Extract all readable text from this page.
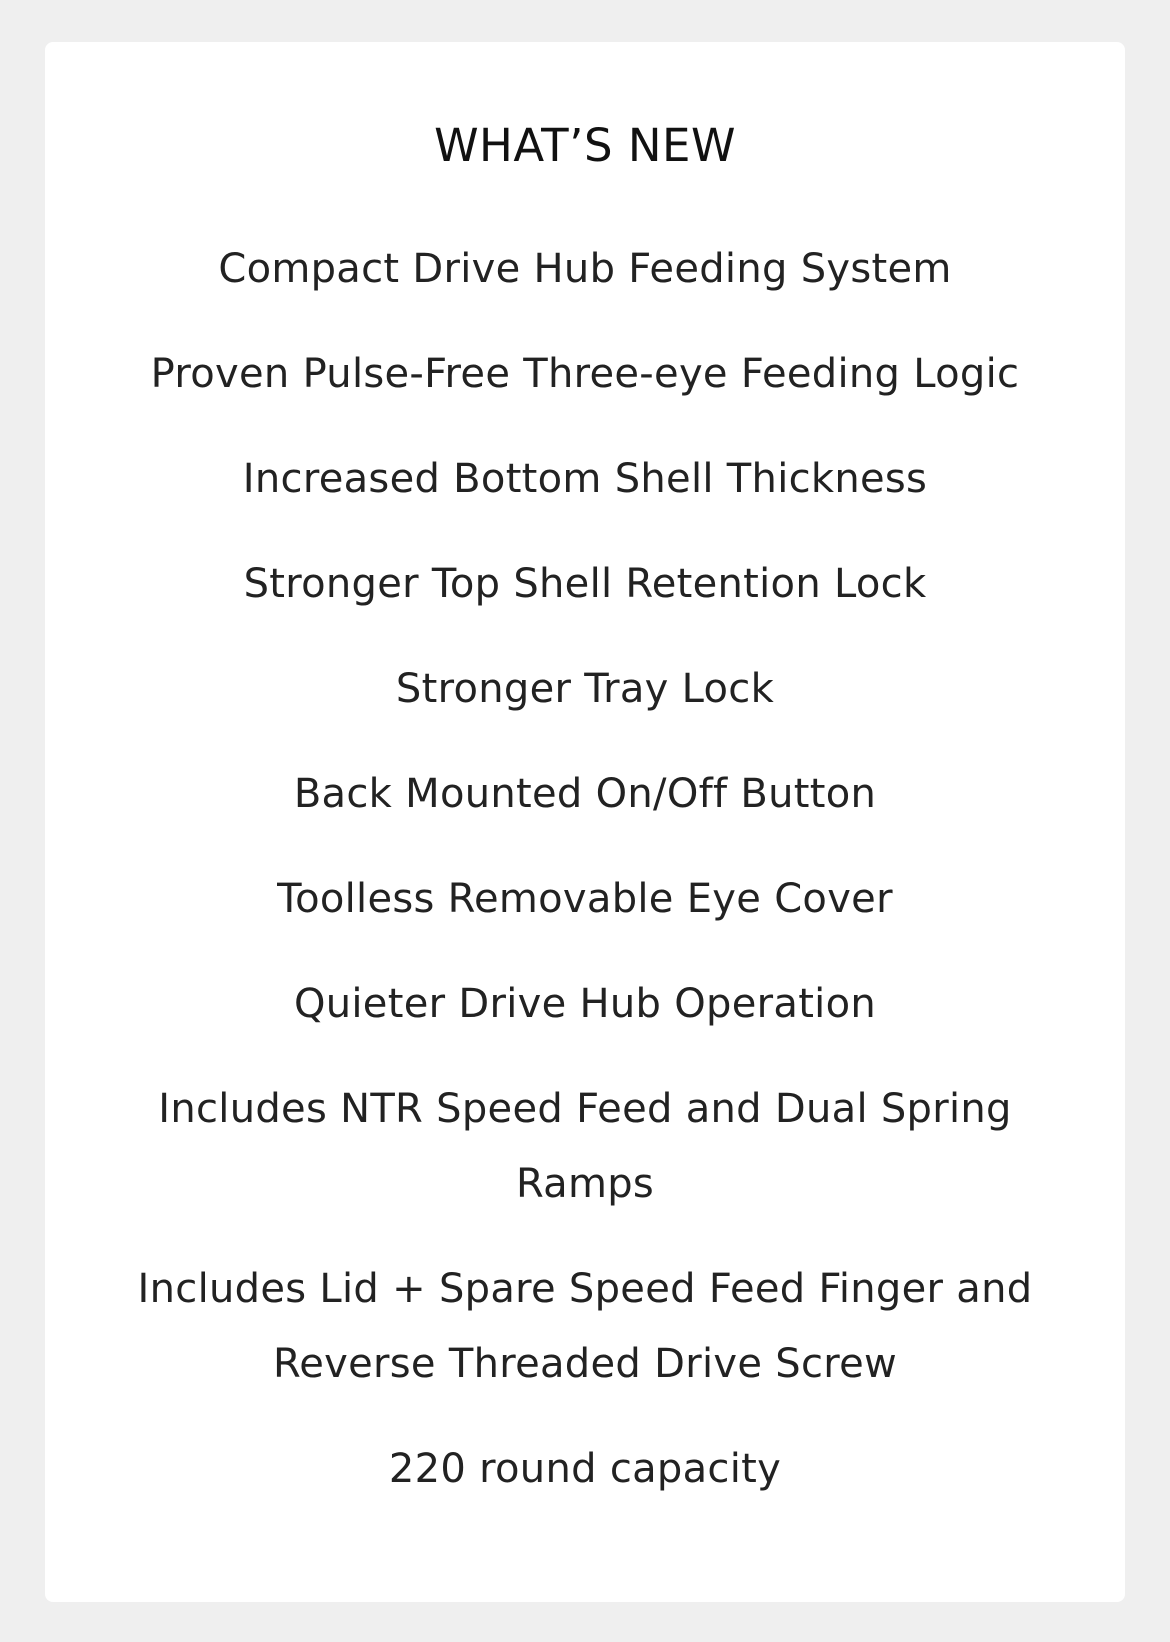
WHAT’S NEW
Compact Drive Hub Feeding System
Proven Pulse-Free Three-eye Feeding Logic
Increased Bottom Shell Thickness
Stronger Top Shell Retention Lock
Stronger Tray Lock
Back Mounted On/Off Button
Toolless Removable Eye Cover
Quieter Drive Hub Operation
Includes NTR Speed Feed and Dual Spring Ramps
Includes Lid + Spare Speed Feed Finger and Reverse Threaded Drive Screw
220 round capacity
